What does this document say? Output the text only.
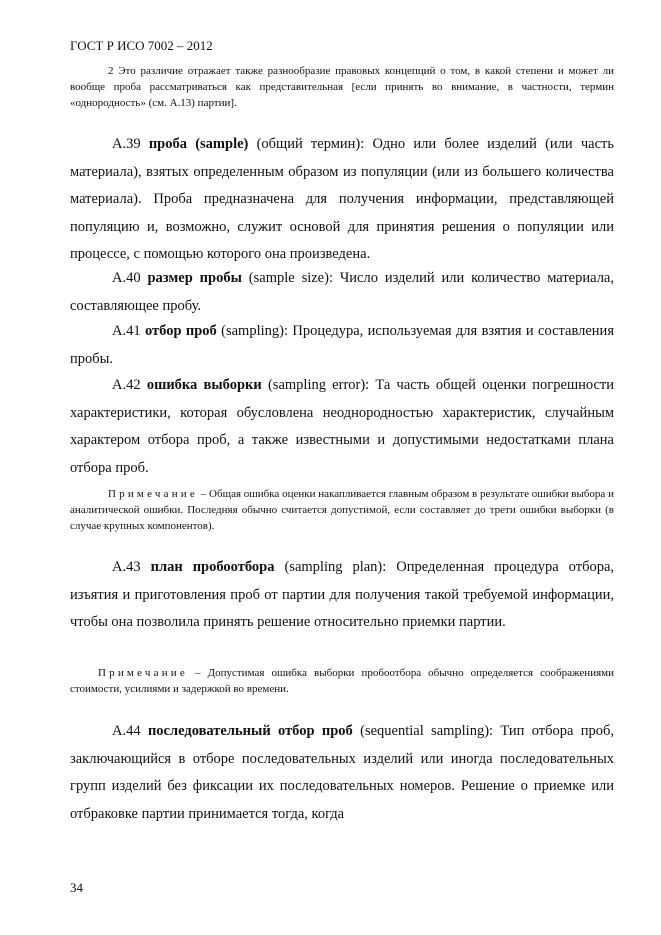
ГОСТ Р ИСО 7002 – 2012
2 Это различие отражает также разнообразие правовых концепций о том, в какой степени и может ли вообще проба рассматриваться как представительная [если принять во внимание, в частности, термин «однородность» (см. А.13) партии].
А.39 проба (sample) (общий термин): Одно или более изделий (или часть материала), взятых определенным образом из популяции (или из большего количества материала). Проба предназначена для получения информации, представляющей популяцию и, возможно, служит основой для принятия решения о популяции или процессе, с помощью которого она произведена.
А.40 размер пробы (sample size): Число изделий или количество материала, составляющее пробу.
А.41 отбор проб (sampling): Процедура, используемая для взятия и составления пробы.
А.42 ошибка выборки (sampling error): Та часть общей оценки погрешности характеристики, которая обусловлена неоднородностью характеристик, случайным характером отбора проб, а также известными и допустимыми недостатками плана отбора проб.
Примечание – Общая ошибка оценки накапливается главным образом в результате ошибки выбора и аналитической ошибки. Последняя обычно считается допустимой, если составляет до трети ошибки выборки (в случае крупных компонентов).
А.43 план пробоотбора (sampling plan): Определенная процедура отбора, изъятия и приготовления проб от партии для получения такой требуемой информации, чтобы она позволила принять решение относительно приемки партии.
Примечание – Допустимая ошибка выборки пробоотбора обычно определяется соображениями стоимости, усилиями и задержкой во времени.
А.44 последовательный отбор проб (sequential sampling): Тип отбора проб, заключающийся в отборе последовательных изделий или иногда последовательных групп изделий без фиксации их последовательных номеров. Решение о приемке или отбраковке партии принимается тогда, когда
34
